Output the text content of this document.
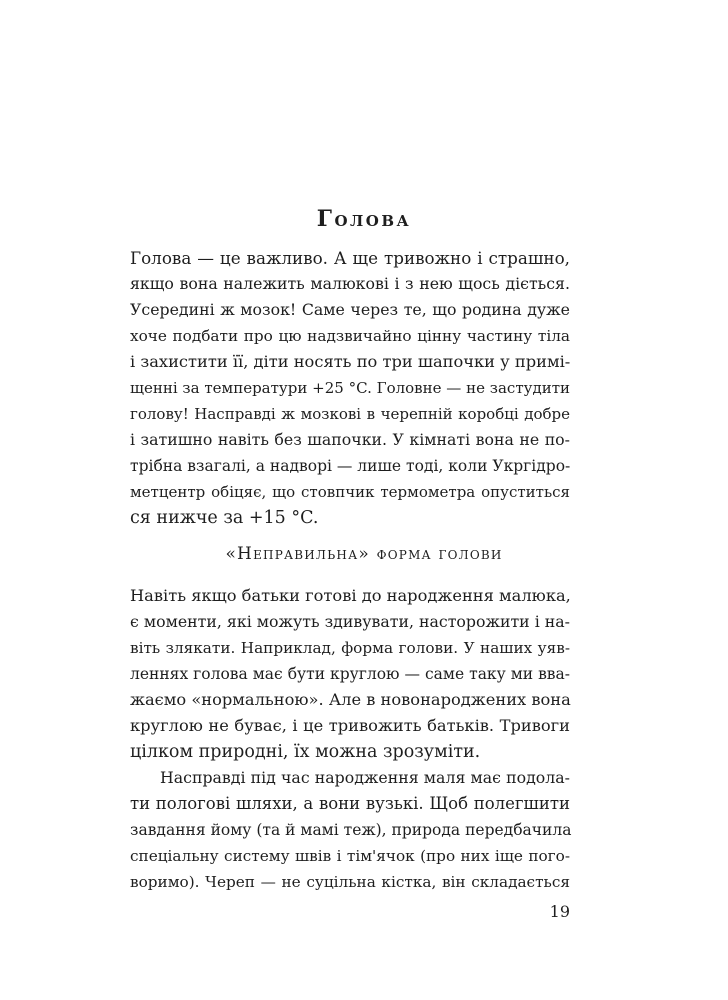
Голова
Голова — це важливо. А ще тривожно і страшно,
якщо вона належить малюкові і з нею щось діється.
Усередині ж мозок! Саме через те, що родина дуже
хоче подбати про цю надзвичайно цінну частину тіла
і захистити її, діти носять по три шапочки у примі-
щенні за температури +25 °C. Головне — не застудити
голову! Насправді ж мозкові в черепній коробці добре
і затишно навіть без шапочки. У кімнаті вона не по-
трібна взагалі, а надворі — лише тоді, коли Укргідро-
метцентр обіцяє, що стовпчик термометра опуститься
ся нижче за +15 °C.
«Неправильна» форма голови
Навіть якщо батьки готові до народження малюка,
є моменти, які можуть здивувати, насторожити і на-
віть злякати. Наприклад, форма голови. У наших уяв-
леннях голова має бути круглою — саме таку ми вва-
жаємо «нормальною». Але в новонароджених вона
круглою не буває, і це тривожить батьків. Тривоги
цілком природні, їх можна зрозуміти.
Насправді під час народження маля має подола-
ти пологові шляхи, а вони вузькі. Щоб полегшити
завдання йому (та й мамі теж), природа передбачила
спеціальну систему швів і тім'ячок (про них іще пого-
воримо). Череп — не суцільна кістка, він складається
19
